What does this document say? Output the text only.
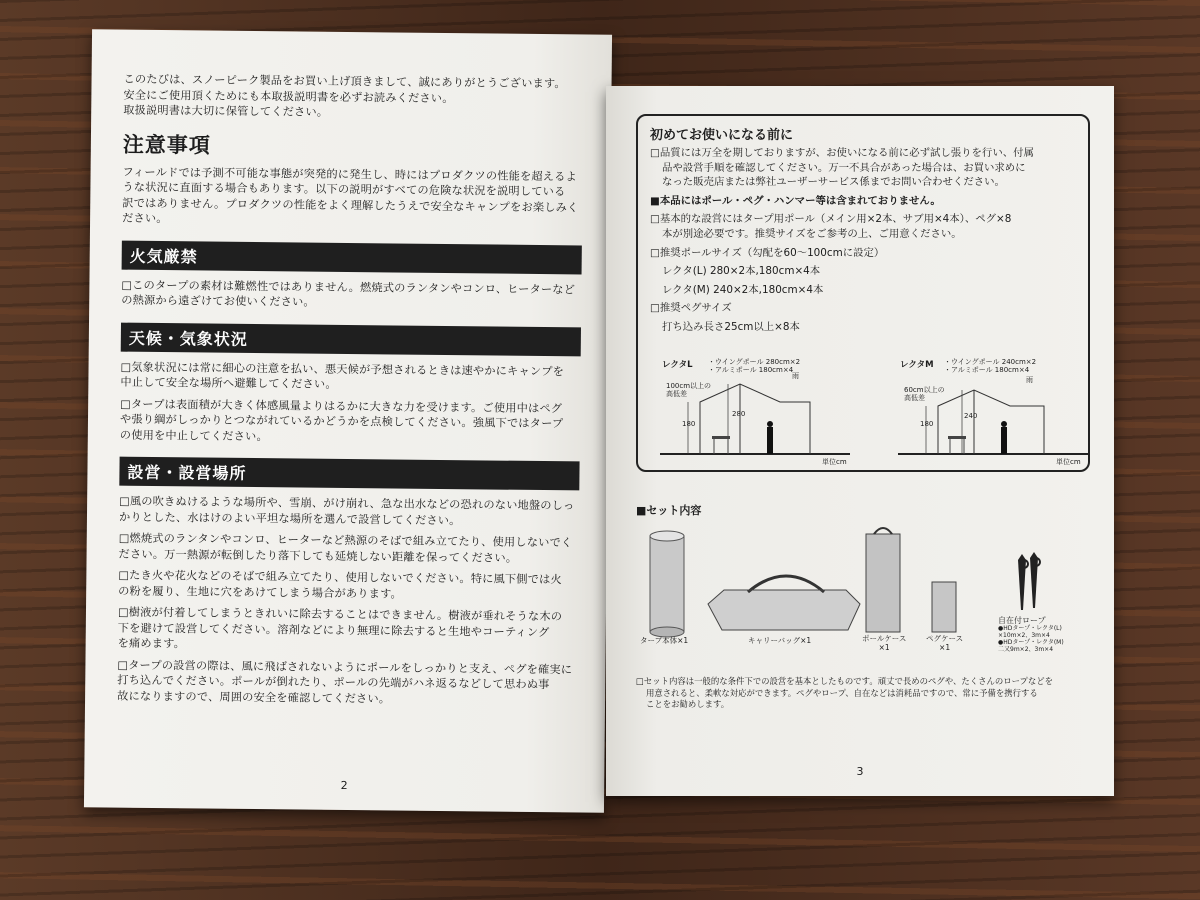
このたびは、スノーピーク製品をお買い上げ頂きまして、誠にありがとうございます。
安全にご使用頂くためにも本取扱説明書を必ずお読みください。
取扱説明書は大切に保管してください。
注意事項
フィールドでは予測不可能な事態が突発的に発生し、時にはプロダクツの性能を超えるよ
うな状況に直面する場合もあります。以下の説明がすべての危険な状況を説明している
訳ではありません。プロダクツの性能をよく理解したうえで安全なキャンプをお楽しみく
ださい。
火気厳禁
□このタープの素材は難燃性ではありません。燃焼式のランタンやコンロ、ヒーターなど
の熱源から遠ざけてお使いください。
天候・気象状況
□気象状況には常に細心の注意を払い、悪天候が予想されるときは速やかにキャンプを
中止して安全な場所へ避難してください。
□タープは表面積が大きく体感風量よりはるかに大きな力を受けます。ご使用中はペグ
や張り綱がしっかりとつながれているかどうかを点検してください。強風下ではタープ
の使用を中止してください。
設営・設営場所
□風の吹きぬけるような場所や、雪崩、がけ崩れ、急な出水などの恐れのない地盤のしっ
かりとした、水はけのよい平坦な場所を選んで設営してください。
□燃焼式のランタンやコンロ、ヒーターなど熱源のそばで組み立てたり、使用しないでく
ださい。万一熱源が転倒したり落下しても延焼しない距離を保ってください。
□たき火や花火などのそばで組み立てたり、使用しないでください。特に風下側では火
の粉を履り、生地に穴をあけてしまう場合があります。
□樹液が付着してしまうときれいに除去することはできません。樹液が垂れそうな木の
下を避けて設営してください。溶剤などにより無理に除去すると生地やコーティング
を痛めます。
□タープの設営の際は、風に飛ばされないようにポールをしっかりと支え、ペグを確実に
打ち込んでください。ポールが倒れたり、ポールの先端がハネ返るなどして思わぬ事
故になりますので、周囲の安全を確認してください。
2
初めてお使いになる前に
□品質には万全を期しておりますが、お使いになる前に必ず試し張りを行い、付属
品や設営手順を確認してください。万一不具合があった場合は、お買い求めに
なった販売店または弊社ユーザーサービス係までお問い合わせください。
■本品にはポール・ペグ・ハンマー等は含まれておりません。
□基本的な設営にはタープ用ポール（メイン用×2本、サブ用×4本）、ペグ×8
本が別途必要です。推奨サイズをご参考の上、ご用意ください。
□推奨ポールサイズ（勾配を60～100cmに設定）
レクタ(L) 280×2本,180cm×4本
レクタ(M) 240×2本,180cm×4本
□推奨ペグサイズ
打ち込み長さ25cm以上×8本
レクタL ・ウイングポール 280cm×2
・アルミポール 180cm×4
100cm以上の
高低差
180
280
雨
単位cm
レクタM ・ウイングポール 240cm×2
・アルミポール 180cm×4
60cm以上の
高低差
180
240
雨
単位cm
■セット内容
タープ本体×1	キャリーバッグ×1	ポールケース
×1
ペグケース
×1
自在付ロープ
●HDタープ・レクタ(L)
×10m×2、3m×4
●HDタープ・レクタ(M)
二又9m×2、3m×4
□セット内容は一般的な条件下での設営を基本としたものです。頑丈で長めのペグや、たくさんのロープなどを
用意されると、柔軟な対応ができます。ペグやロープ、自在などは消耗品ですので、常に予備を携行する
ことをお勧めします。
3
